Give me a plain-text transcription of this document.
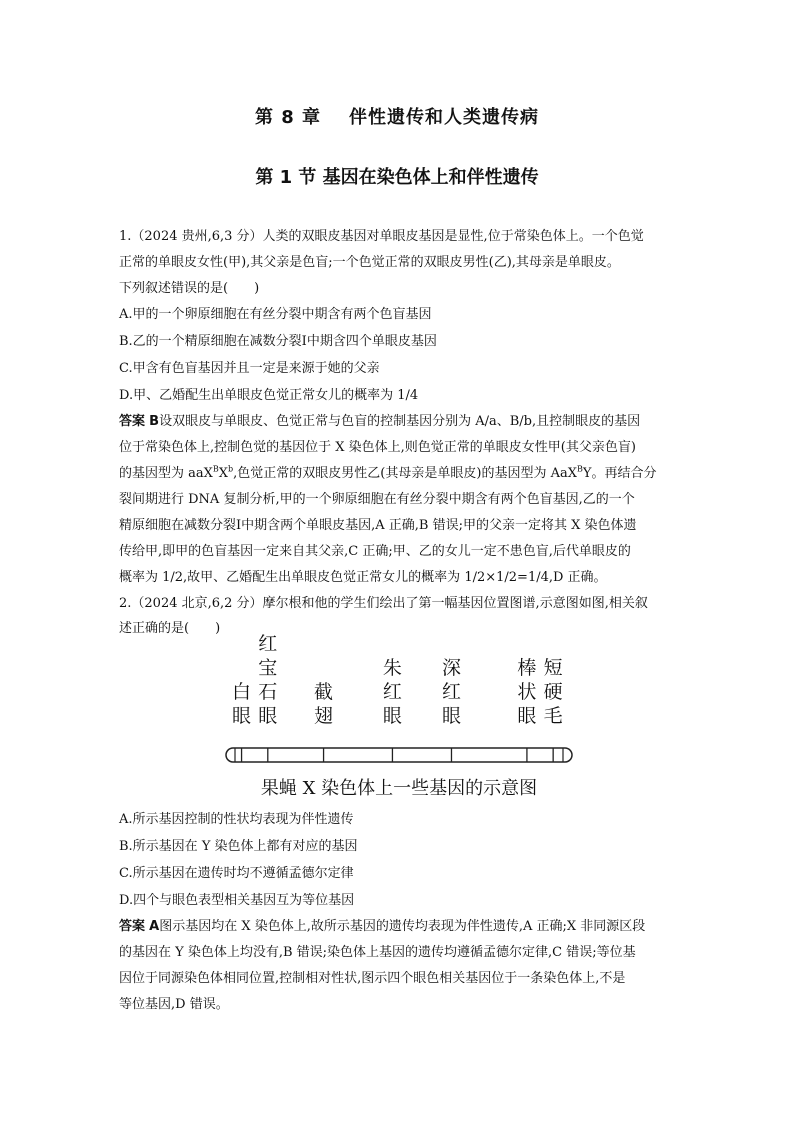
第 8 章 伴性遗传和人类遗传病
第 1 节 基因在染色体上和伴性遗传
1.（2024 贵州,6,3 分）人类的双眼皮基因对单眼皮基因是显性,位于常染色体上。一个色觉
正常的单眼皮女性(甲),其父亲是色盲;一个色觉正常的双眼皮男性(乙),其母亲是单眼皮。
下列叙述错误的是(　　)
A.甲的一个卵原细胞在有丝分裂中期含有两个色盲基因
B.乙的一个精原细胞在减数分裂Ⅰ中期含四个单眼皮基因
C.甲含有色盲基因并且一定是来源于她的父亲
D.甲、乙婚配生出单眼皮色觉正常女儿的概率为 1/4
答案 B设双眼皮与单眼皮、色觉正常与色盲的控制基因分别为 A/a、B/b,且控制眼皮的基因
位于常染色体上,控制色觉的基因位于 X 染色体上,则色觉正常的单眼皮女性甲(其父亲色盲)
的基因型为 $aaX^BX^b$,色觉正常的双眼皮男性乙(其母亲是单眼皮)的基因型为 AaX$^B$Y。再结合分
裂间期进行 DNA 复制分析,甲的一个卵原细胞在有丝分裂中期含有两个色盲基因,乙的一个
精原细胞在减数分裂Ⅰ中期含两个单眼皮基因,A 正确,B 错误;甲的父亲一定将其 X 染色体遗
传给甲,即甲的色盲基因一定来自其父亲,C 正确;甲、乙的女儿一定不患色盲,后代单眼皮的
概率为 1/2,故甲、乙婚配生出单眼皮色觉正常女儿的概率为 1/2×1/2=1/4,D 正确。
2.（2024 北京,6,2 分）摩尔根和他的学生们绘出了第一幅基因位置图谱,示意图如图,相关叙
述正确的是(　　)
白眼
红宝石眼
截翅
朱红眼
深红眼
棒状眼
短硬毛
果蝇 X 染色体上一些基因的示意图
A.所示基因控制的性状均表现为伴性遗传
B.所示基因在 Y 染色体上都有对应的基因
C.所示基因在遗传时均不遵循孟德尔定律
D.四个与眼色表型相关基因互为等位基因
答案 A图示基因均在 X 染色体上,故所示基因的遗传均表现为伴性遗传,A 正确;X 非同源区段
的基因在 Y 染色体上均没有,B 错误;染色体上基因的遗传均遵循孟德尔定律,C 错误;等位基
因位于同源染色体相同位置,控制相对性状,图示四个眼色相关基因位于一条染色体上,不是
等位基因,D 错误。
